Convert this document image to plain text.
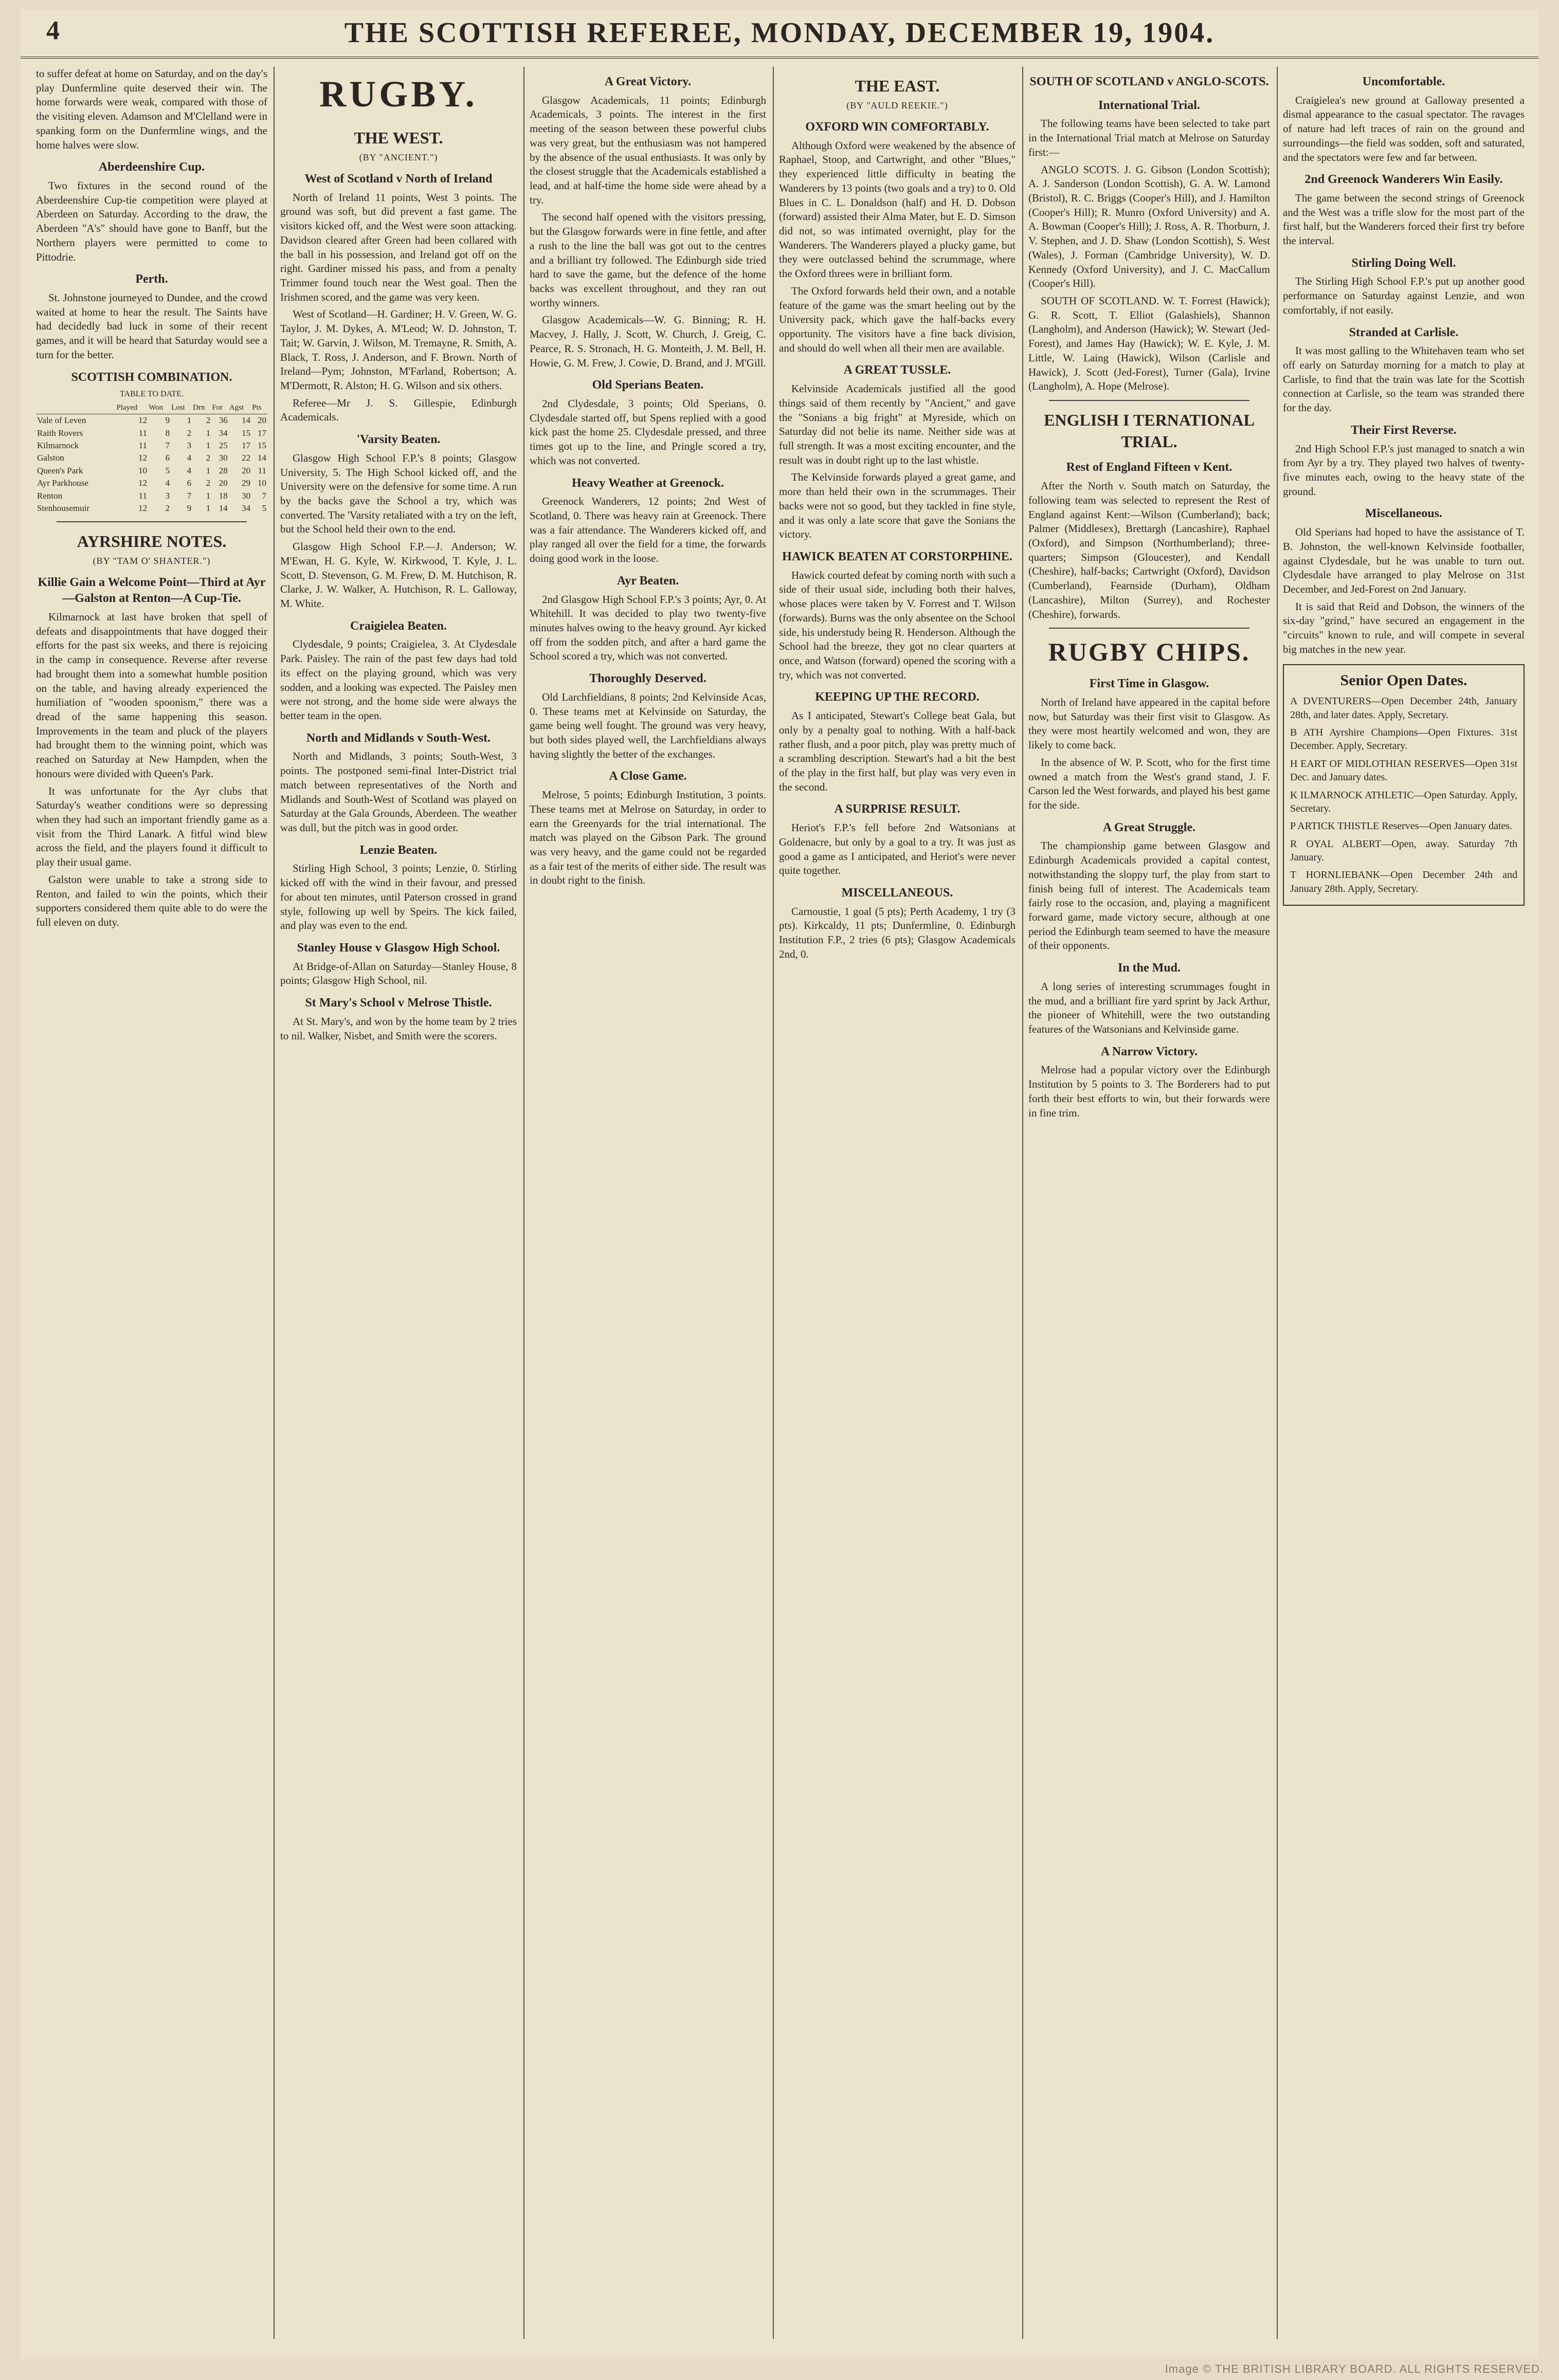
4	THE SCOTTISH REFEREE, MONDAY, DECEMBER 19, 1904.

to suffer defeat at home on Saturday, and on the day's play Dunfermline quite deserved their win. The home forwards were weak, compared with those of the visiting eleven. Adamson and M'Clelland were in spanking form on the Dunfermline wings, and the home halves were slow.

Aberdeenshire Cup.

Two fixtures in the second round of the Aberdeenshire Cup-tie competition were played at Aberdeen on Saturday. According to the draw, the Aberdeen "A's" should have gone to Banff, but the Northern players were permitted to come to Pittodrie.

Perth.

St. Johnstone journeyed to Dundee, and the crowd waited at home to hear the result. The Saints have had decidedly bad luck in some of their recent games, and it will be heard that Saturday would see a turn for the better.

SCOTTISH COMBINATION.
TABLE TO DATE.
	Played	Won	Lost	Drn	For	Agst	Pts
Vale of Leven	12	9	1	2	36	14	20
Raith Rovers	11	8	2	1	34	15	17
Kilmarnock	11	7	3	1	25	17	15
Galston	12	6	4	2	30	22	14
Queen's Park	10	5	4	1	28	20	11
Ayr Parkhouse	12	4	6	2	20	29	10
Renton	11	3	7	1	18	30	7
Stenhousemuir	12	2	9	1	14	34	5
AYRSHIRE NOTES.
(BY "TAM O' SHANTER.")
Killie Gain a Welcome Point—Third at Ayr—Galston at Renton—A Cup-Tie.

Kilmarnock at last have broken that spell of defeats and disappointments that have dogged their efforts for the past six weeks, and there is rejoicing in the camp in consequence. Reverse after reverse had brought them into a somewhat humble position on the table, and having already experienced the humiliation of "wooden spoonism," there was a dread of the same happening this season. Improvements in the team and pluck of the players had brought them to the winning point, which was reached on Saturday at New Hampden, when the honours were divided with Queen's Park.

It was unfortunate for the Ayr clubs that Saturday's weather conditions were so depressing when they had such an important friendly game as a visit from the Third Lanark. A fitful wind blew across the field, and the players found it difficult to play their usual game.

Galston were unable to take a strong side to Renton, and failed to win the points, which their supporters considered them quite able to do were the full eleven on duty.

RUGBY.
THE WEST.
(BY "ANCIENT.")
West of Scotland v North of Ireland

North of Ireland 11 points, West 3 points. The ground was soft, but did prevent a fast game. The visitors kicked off, and the West were soon attacking. Davidson cleared after Green had been collared with the ball in his possession, and Ireland got off on the right. Gardiner missed his pass, and from a penalty Trimmer found touch near the West goal. Then the Irishmen scored, and the game was very keen.

West of Scotland—H. Gardiner; H. V. Green, W. G. Taylor, J. M. Dykes, A. M'Leod; W. D. Johnston, T. Tait; W. Garvin, J. Wilson, M. Tremayne, R. Smith, A. Black, T. Ross, J. Anderson, and F. Brown. North of Ireland—Pym; Johnston, M'Farland, Robertson; A. M'Dermott, R. Alston; H. G. Wilson and six others.

Referee—Mr J. S. Gillespie, Edinburgh Academicals.

'Varsity Beaten.

Glasgow High School F.P.'s 8 points; Glasgow University, 5. The High School kicked off, and the University were on the defensive for some time. A run by the backs gave the School a try, which was converted. The 'Varsity retaliated with a try on the left, but the School held their own to the end.

Glasgow High School F.P.—J. Anderson; W. M'Ewan, H. G. Kyle, W. Kirkwood, T. Kyle, J. L. Scott, D. Stevenson, G. M. Frew, D. M. Hutchison, R. Clarke, J. W. Walker, A. Hutchison, R. L. Galloway, M. White.

Craigielea Beaten.

Clydesdale, 9 points; Craigielea, 3. At Clydesdale Park. Paisley. The rain of the past few days had told its effect on the playing ground, which was very sodden, and a looking was expected. The Paisley men were not strong, and the home side were always the better team in the open.

North and Midlands v South-West.

North and Midlands, 3 points; South-West, 3 points. The postponed semi-final Inter-District trial match between representatives of the North and Midlands and South-West of Scotland was played on Saturday at the Gala Grounds, Aberdeen. The weather was dull, but the pitch was in good order.

Lenzie Beaten.

Stirling High School, 3 points; Lenzie, 0. Stirling kicked off with the wind in their favour, and pressed for about ten minutes, until Paterson crossed in grand style, following up well by Speirs. The kick failed, and play was even to the end.

Stanley House v Glasgow High School.

At Bridge-of-Allan on Saturday—Stanley House, 8 points; Glasgow High School, nil.

St Mary's School v Melrose Thistle.

At St. Mary's, and won by the home team by 2 tries to nil. Walker, Nisbet, and Smith were the scorers.

A Great Victory.

Glasgow Academicals, 11 points; Edinburgh Academicals, 3 points. The interest in the first meeting of the season between these powerful clubs was very great, but the enthusiasm was not hampered by the absence of the usual enthusiasts. It was only by the closest struggle that the Academicals established a lead, and at half-time the home side were ahead by a try.

The second half opened with the visitors pressing, but the Glasgow forwards were in fine fettle, and after a rush to the line the ball was got out to the centres and a brilliant try followed. The Edinburgh side tried hard to save the game, but the defence of the home backs was excellent throughout, and they ran out worthy winners.

Glasgow Academicals—W. G. Binning; R. H. Macvey, J. Hally, J. Scott, W. Church, J. Greig, C. Pearce, R. S. Stronach, H. G. Monteith, J. M. Bell, H. Howie, G. M. Frew, J. Cowie, D. Brand, and J. M'Gill.

Old Sperians Beaten.

2nd Clydesdale, 3 points; Old Sperians, 0. Clydesdale started off, but Spens replied with a good kick past the home 25. Clydesdale pressed, and three times got up to the line, and Pringle scored a try, which was not converted.

Heavy Weather at Greenock.

Greenock Wanderers, 12 points; 2nd West of Scotland, 0. There was heavy rain at Greenock. There was a fair attendance. The Wanderers kicked off, and play ranged all over the field for a time, the forwards doing good work in the loose.

Ayr Beaten.

2nd Glasgow High School F.P.'s 3 points; Ayr, 0. At Whitehill. It was decided to play two twenty-five minutes halves owing to the heavy ground. Ayr kicked off from the sodden pitch, and after a hard game the School scored a try, which was not converted.

Thoroughly Deserved.

Old Larchfieldians, 8 points; 2nd Kelvinside Acas, 0. These teams met at Kelvinside on Saturday, the game being well fought. The ground was very heavy, but both sides played well, the Larchfieldians always having slightly the better of the exchanges.

A Close Game.

Melrose, 5 points; Edinburgh Institution, 3 points. These teams met at Melrose on Saturday, in order to earn the Greenyards for the trial international. The match was played on the Gibson Park. The ground was very heavy, and the game could not be regarded as a fair test of the merits of either side. The result was in doubt right to the finish.

THE EAST.
(BY "AULD REEKIE.")
OXFORD WIN COMFORTABLY.

Although Oxford were weakened by the absence of Raphael, Stoop, and Cartwright, and other "Blues," they experienced little difficulty in beating the Wanderers by 13 points (two goals and a try) to 0. Old Blues in C. L. Donaldson (half) and H. D. Dobson (forward) assisted their Alma Mater, but E. D. Simson did not, so was intimated overnight, play for the Wanderers. The Wanderers played a plucky game, but they were outclassed behind the scrummage, where the Oxford threes were in brilliant form.

The Oxford forwards held their own, and a notable feature of the game was the smart heeling out by the University pack, which gave the half-backs every opportunity. The visitors have a fine back division, and should do well when all their men are available.

A GREAT TUSSLE.

Kelvinside Academicals justified all the good things said of them recently by "Ancient," and gave the "Sonians a big fright" at Myreside, which on Saturday did not belie its name. Neither side was at full strength. It was a most exciting encounter, and the result was in doubt right up to the last whistle.

The Kelvinside forwards played a great game, and more than held their own in the scrummages. Their backs were not so good, but they tackled in fine style, and it was only a late score that gave the Sonians the victory.

HAWICK BEATEN AT CORSTORPHINE.

Hawick courted defeat by coming north with such a side of their usual side, including both their halves, whose places were taken by V. Forrest and T. Wilson (forwards). Burns was the only absentee on the School side, his understudy being R. Henderson. Although the School had the breeze, they got no clear quarters at once, and Watson (forward) opened the scoring with a try, which was not converted.

KEEPING UP THE RECORD.

As I anticipated, Stewart's College beat Gala, but only by a penalty goal to nothing. With a half-back rather flush, and a poor pitch, play was pretty much of a scrambling description. Stewart's had a bit the best of the play in the first half, but play was very even in the second.

A SURPRISE RESULT.

Heriot's F.P.'s fell before 2nd Watsonians at Goldenacre, but only by a goal to a try. It was just as good a game as I anticipated, and Heriot's were never quite together.

MISCELLANEOUS.

Carnoustie, 1 goal (5 pts); Perth Academy, 1 try (3 pts). Kirkcaldy, 11 pts; Dunfermline, 0. Edinburgh Institution F.P., 2 tries (6 pts); Glasgow Academicals 2nd, 0.

SOUTH OF SCOTLAND v ANGLO-SCOTS.
International Trial.

The following teams have been selected to take part in the International Trial match at Melrose on Saturday first:—

ANGLO SCOTS. J. G. Gibson (London Scottish); A. J. Sanderson (London Scottish), G. A. W. Lamond (Bristol), R. C. Briggs (Cooper's Hill), and J. Hamilton (Cooper's Hill); R. Munro (Oxford University) and A. A. Bowman (Cooper's Hill); J. Ross, A. R. Thorburn, J. V. Stephen, and J. D. Shaw (London Scottish), S. West (Wales), J. Forman (Cambridge University), W. D. Kennedy (Oxford University), and J. C. MacCallum (Cooper's Hill).

SOUTH OF SCOTLAND. W. T. Forrest (Hawick); G. R. Scott, T. Elliot (Galashiels), Shannon (Langholm), and Anderson (Hawick); W. Stewart (Jed-Forest), and James Hay (Hawick); W. E. Kyle, J. M. Little, W. Laing (Hawick), Wilson (Carlisle and Hawick), J. Scott (Jed-Forest), Turner (Gala), Irvine (Langholm), A. Hope (Melrose).

ENGLISH I TERNATIONAL TRIAL.
Rest of England Fifteen v Kent.

After the North v. South match on Saturday, the following team was selected to represent the Rest of England against Kent:—Wilson (Cumberland); back; Palmer (Middlesex), Brettargh (Lancashire), Raphael (Oxford), and Simpson (Northumberland); three-quarters; Simpson (Gloucester), and Kendall (Cheshire), half-backs; Cartwright (Oxford), Davidson (Cumberland), Fearnside (Durham), Oldham (Lancashire), Milton (Surrey), and Rochester (Cheshire), forwards.

RUGBY CHIPS.
First Time in Glasgow.

North of Ireland have appeared in the capital before now, but Saturday was their first visit to Glasgow. As they were most heartily welcomed and won, they are likely to come back.

In the absence of W. P. Scott, who for the first time owned a match from the West's grand stand, J. F. Carson led the West forwards, and played his best game for the side.

A Great Struggle.

The championship game between Glasgow and Edinburgh Academicals provided a capital contest, notwithstanding the sloppy turf, the play from start to finish being full of interest. The Academicals team fairly rose to the occasion, and, playing a magnificent forward game, made victory secure, although at one period the Edinburgh team seemed to have the measure of their opponents.

In the Mud.

A long series of interesting scrummages fought in the mud, and a brilliant fire yard sprint by Jack Arthur, the pioneer of Whitehill, were the two outstanding features of the Watsonians and Kelvinside game.

A Narrow Victory.

Melrose had a popular victory over the Edinburgh Institution by 5 points to 3. The Borderers had to put forth their best efforts to win, but their forwards were in fine trim.

Uncomfortable.

Craigielea's new ground at Galloway presented a dismal appearance to the casual spectator. The ravages of nature had left traces of rain on the ground and surroundings—the field was sodden, soft and saturated, and the spectators were few and far between.

2nd Greenock Wanderers Win Easily.

The game between the second strings of Greenock and the West was a trifle slow for the most part of the first half, but the Wanderers forced their first try before the interval.

Stirling Doing Well.

The Stirling High School F.P.'s put up another good performance on Saturday against Lenzie, and won comfortably, if not easily.

Stranded at Carlisle.

It was most galling to the Whitehaven team who set off early on Saturday morning for a match to play at Carlisle, to find that the train was late for the Scottish connection at Carlisle, so the team was stranded there for the day.

Their First Reverse.

2nd High School F.P.'s just managed to snatch a win from Ayr by a try. They played two halves of twenty-five minutes each, owing to the heavy state of the ground.

Miscellaneous.

Old Sperians had hoped to have the assistance of T. B. Johnston, the well-known Kelvinside footballer, against Clydesdale, but he was unable to turn out. Clydesdale have arranged to play Melrose on 31st December, and Jed-Forest on 2nd January.

It is said that Reid and Dobson, the winners of the six-day "grind," have secured an engagement in the "circuits" known to rule, and will compete in several big matches in the new year.

Senior Open Dates.

A DVENTURERS—Open December 24th, January 28th, and later dates. Apply, Secretary.

B ATH Ayrshire Champions—Open Fixtures. 31st December. Apply, Secretary.

H EART OF MIDLOTHIAN RESERVES—Open 31st Dec. and January dates.

K ILMARNOCK ATHLETIC—Open Saturday. Apply, Secretary.

P ARTICK THISTLE Reserves—Open January dates.

R OYAL ALBERT—Open, away. Saturday 7th January.

T HORNLIEBANK—Open December 24th and January 28th. Apply, Secretary.

Image © THE BRITISH LIBRARY BOARD. ALL RIGHTS RESERVED.
